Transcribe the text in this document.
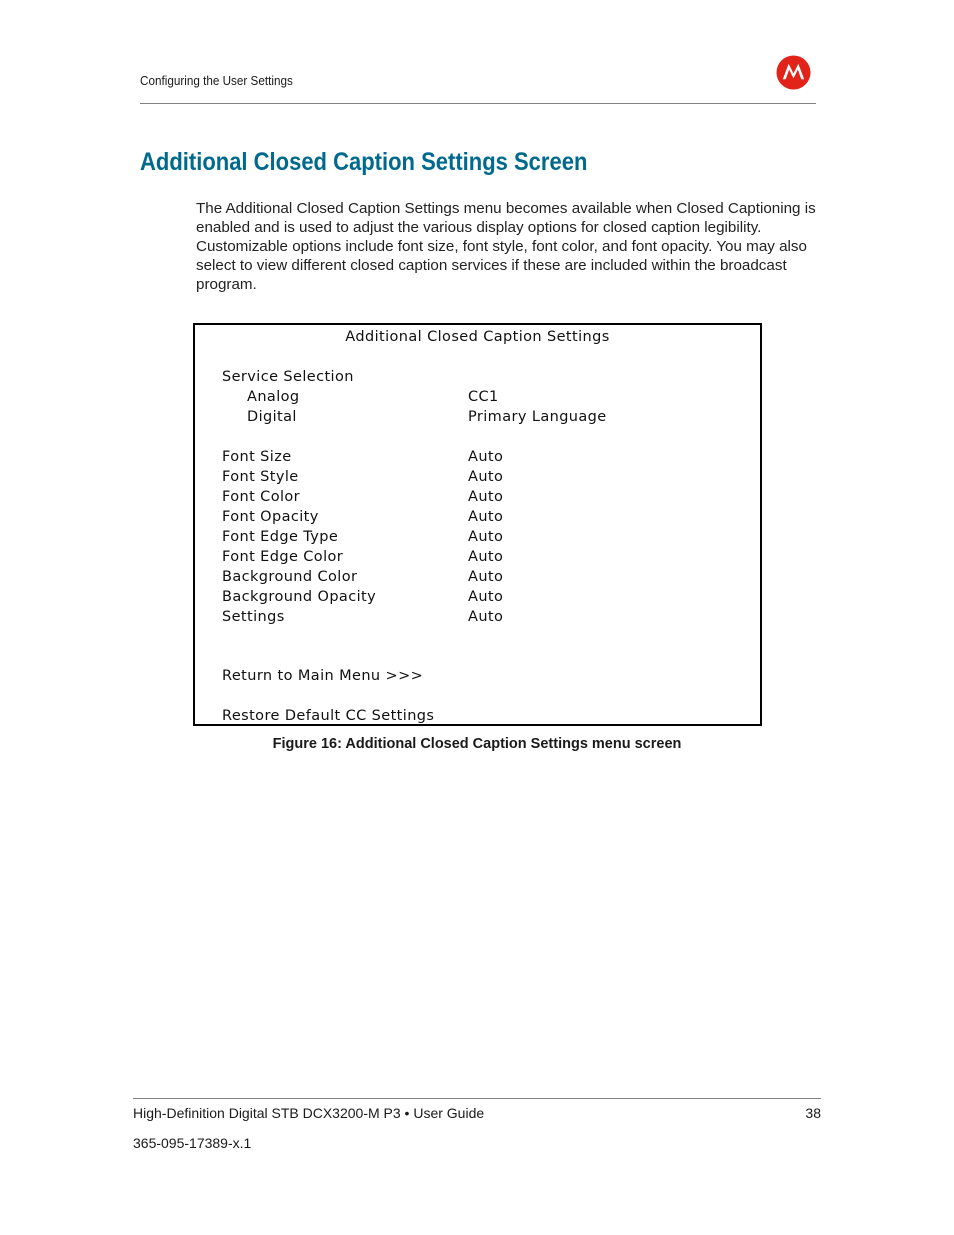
Configuring the User Settings
Additional Closed Caption Settings Screen

The Additional Closed Caption Settings menu becomes available when Closed Captioning is enabled and is used to adjust the various display options for closed caption legibility. Customizable options include font size, font style, font color, and font opacity. You may also select to view different closed caption services if these are included within the broadcast program.

Additional Closed Caption Settings
Service Selection
Analog	CC1
Digital	Primary Language
Font Size	Auto
Font Style	Auto
Font Color	Auto
Font Opacity	Auto
Font Edge Type	Auto
Font Edge Color	Auto
Background Color	Auto
Background Opacity	Auto
Settings	Auto
Return to Main Menu >>>
Restore Default CC Settings
Figure 16: Additional Closed Caption Settings menu screen
High-Definition Digital STB DCX3200-M P3 • User Guide	38
365-095-17389-x.1
